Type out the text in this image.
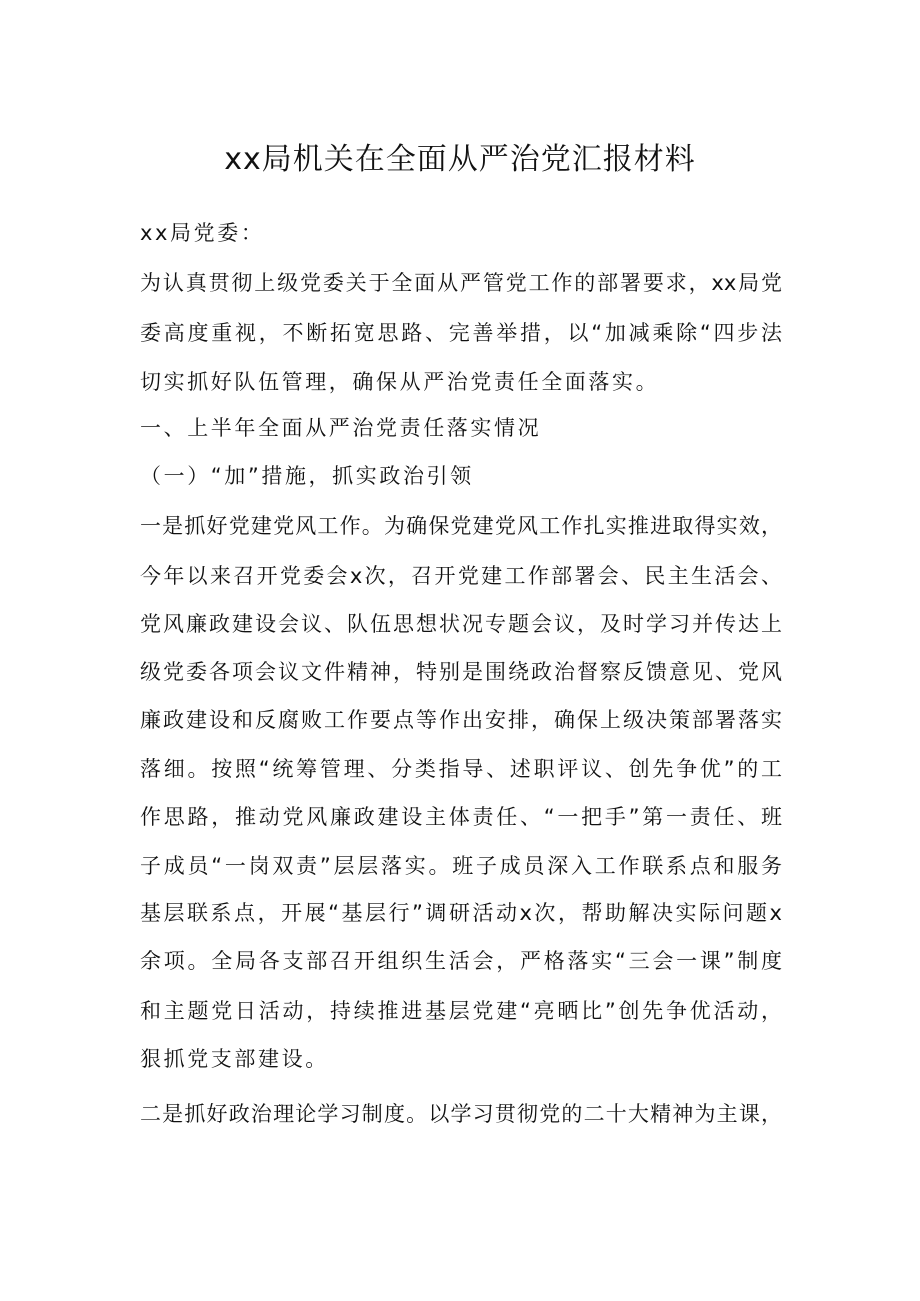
xx局机关在全面从严治党汇报材料

xx局党委：

为认真贯彻上级党委关于全面从严管党工作的部署要求，xx局党

委高度重视，不断拓宽思路、完善举措，以“加减乘除“四步法

切实抓好队伍管理，确保从严治党责任全面落实。

一、上半年全面从严治党责任落实情况

（一）“加”措施，抓实政治引领

一是抓好党建党风工作。为确保党建党风工作扎实推进取得实效，

今年以来召开党委会x次，召开党建工作部署会、民主生活会、

党风廉政建设会议、队伍思想状况专题会议，及时学习并传达上

级党委各项会议文件精神，特别是围绕政治督察反馈意见、党风

廉政建设和反腐败工作要点等作出安排，确保上级决策部署落实

落细。按照“统筹管理、分类指导、述职评议、创先争优”的工

作思路，推动党风廉政建设主体责任、“一把手”第一责任、班

子成员“一岗双责”层层落实。班子成员深入工作联系点和服务

基层联系点，开展“基层行”调研活动x次，帮助解决实际问题x

余项。全局各支部召开组织生活会，严格落实“三会一课”制度

和主题党日活动，持续推进基层党建“亮晒比”创先争优活动，

狠抓党支部建设。

二是抓好政治理论学习制度。以学习贯彻党的二十大精神为主课，
